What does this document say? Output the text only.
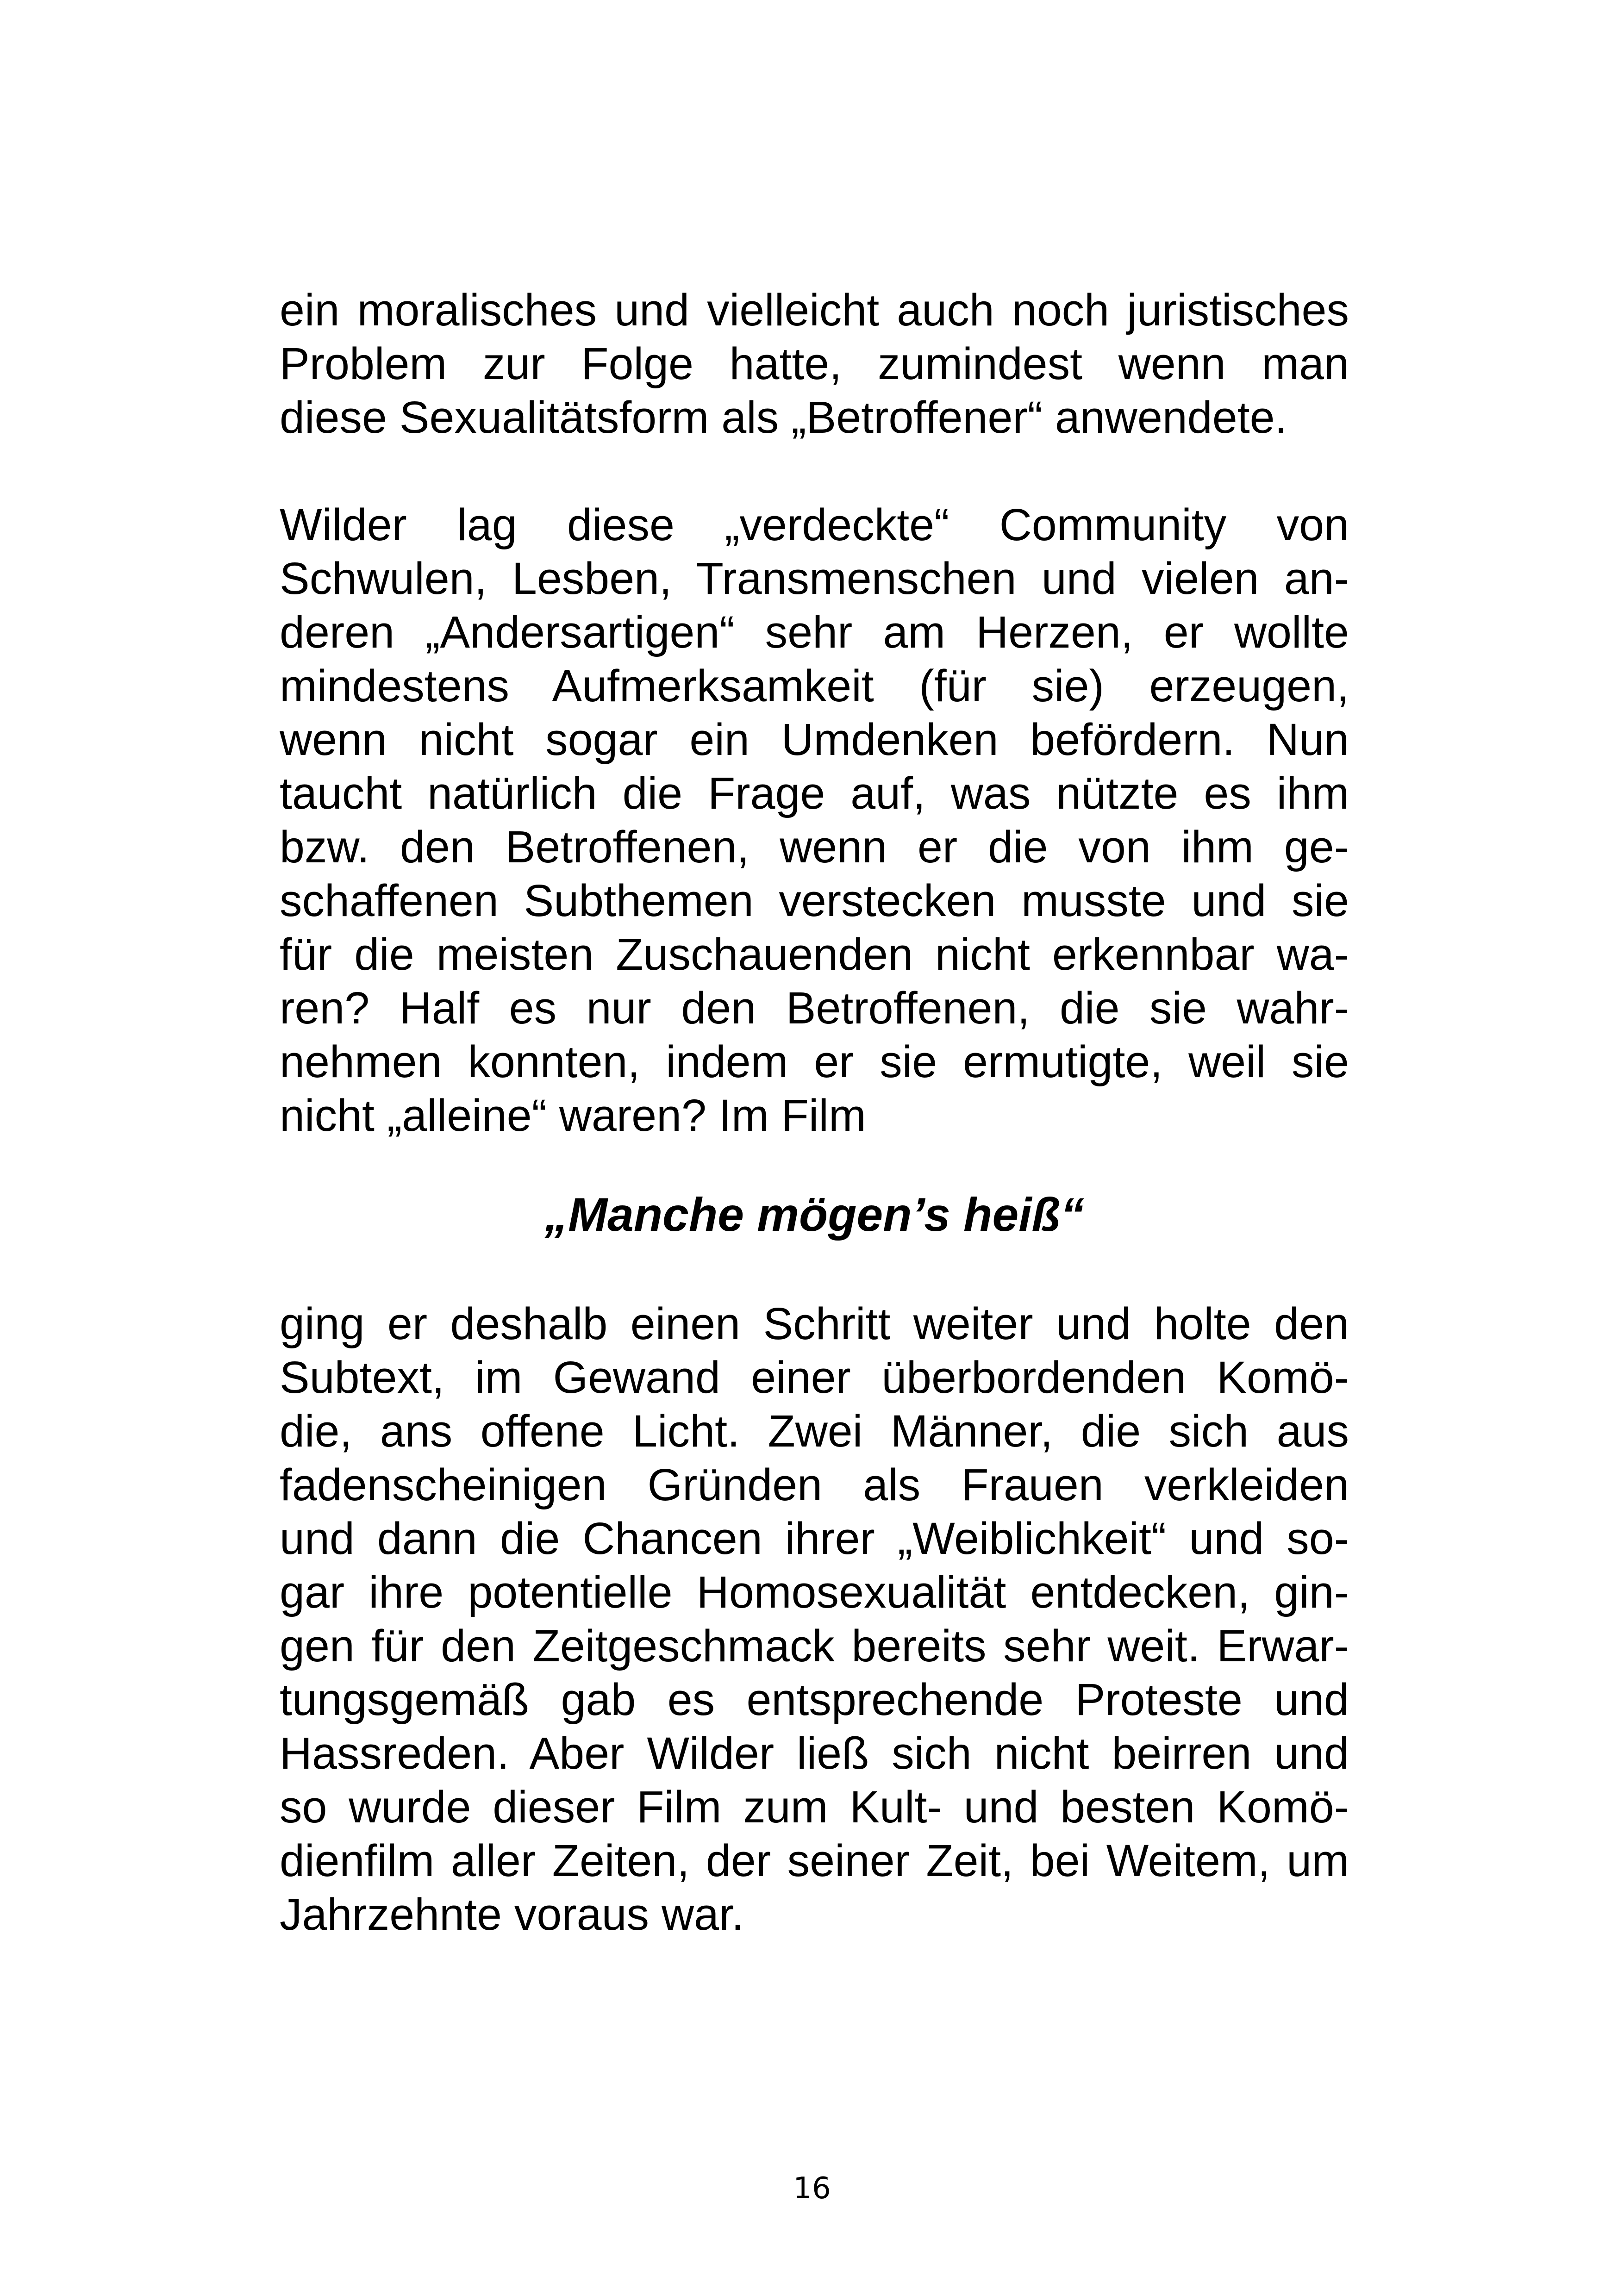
ein moralisches und vielleicht auch noch juristisches
Problem zur Folge hatte, zumindest wenn man
diese Sexualitätsform als „Betroffener“ anwendete.
Wilder lag diese „verdeckte“ Community von
Schwulen, Lesben, Transmenschen und vielen an-
deren „Andersartigen“ sehr am Herzen, er wollte
mindestens Aufmerksamkeit (für sie) erzeugen,
wenn nicht sogar ein Umdenken befördern. Nun
taucht natürlich die Frage auf, was nützte es ihm
bzw. den Betroffenen, wenn er die von ihm ge-
schaffenen Subthemen verstecken musste und sie
für die meisten Zuschauenden nicht erkennbar wa-
ren? Half es nur den Betroffenen, die sie wahr-
nehmen konnten, indem er sie ermutigte, weil sie
nicht „alleine“ waren? Im Film
„Manche mögen’s heiß“
ging er deshalb einen Schritt weiter und holte den
Subtext, im Gewand einer überbordenden Komö-
die, ans offene Licht. Zwei Männer, die sich aus
fadenscheinigen Gründen als Frauen verkleiden
und dann die Chancen ihrer „Weiblichkeit“ und so-
gar ihre potentielle Homosexualität entdecken, gin-
gen für den Zeitgeschmack bereits sehr weit. Erwar-
tungsgemäß gab es entsprechende Proteste und
Hassreden. Aber Wilder ließ sich nicht beirren und
so wurde dieser Film zum Kult- und besten Komö-
dienfilm aller Zeiten, der seiner Zeit, bei Weitem, um
Jahrzehnte voraus war.
16
